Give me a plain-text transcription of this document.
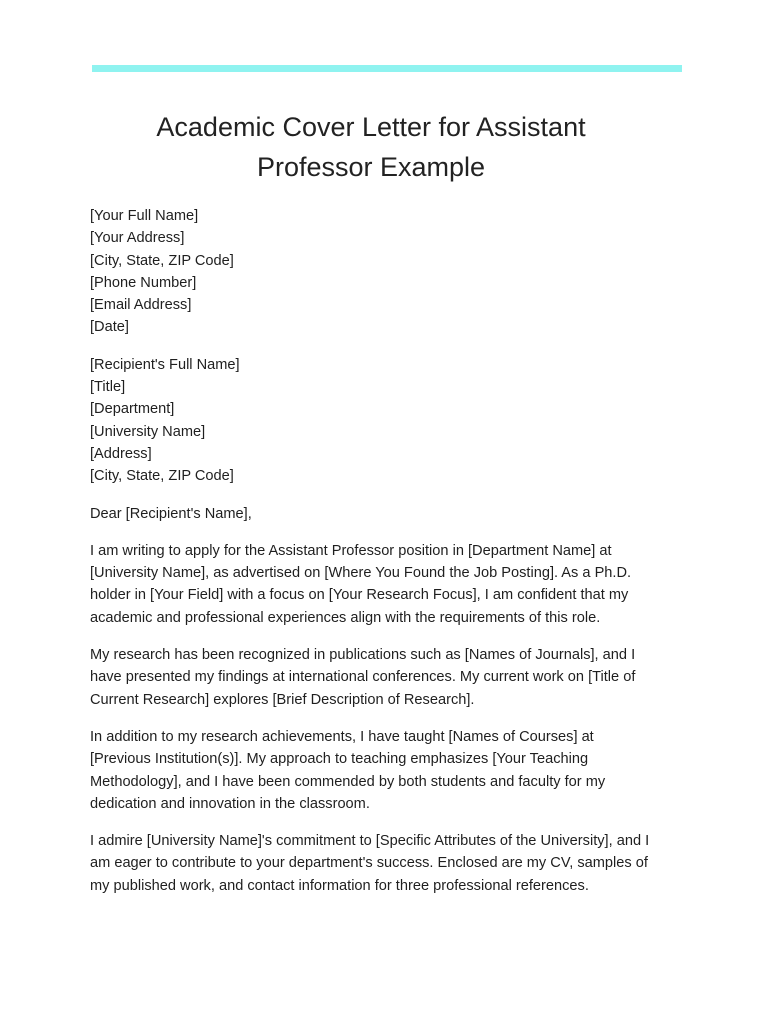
Academic Cover Letter for Assistant
Professor Example
[Your Full Name]
[Your Address]
[City, State, ZIP Code]
[Phone Number]
[Email Address]
[Date]
[Recipient's Full Name]
[Title]
[Department]
[University Name]
[Address]
[City, State, ZIP Code]

Dear [Recipient's Name],

I am writing to apply for the Assistant Professor position in [Department Name] at [University Name], as advertised on [Where You Found the Job Posting]. As a Ph.D. holder in [Your Field] with a focus on [Your Research Focus], I am confident that my academic and professional experiences align with the requirements of this role.

My research has been recognized in publications such as [Names of Journals], and I have presented my findings at international conferences. My current work on [Title of Current Research] explores [Brief Description of Research].

In addition to my research achievements, I have taught [Names of Courses] at [Previous Institution(s)]. My approach to teaching emphasizes [Your Teaching Methodology], and I have been commended by both students and faculty for my dedication and innovation in the classroom.

I admire [University Name]'s commitment to [Specific Attributes of the University], and I am eager to contribute to your department's success. Enclosed are my CV, samples of my published work, and contact information for three professional references.
